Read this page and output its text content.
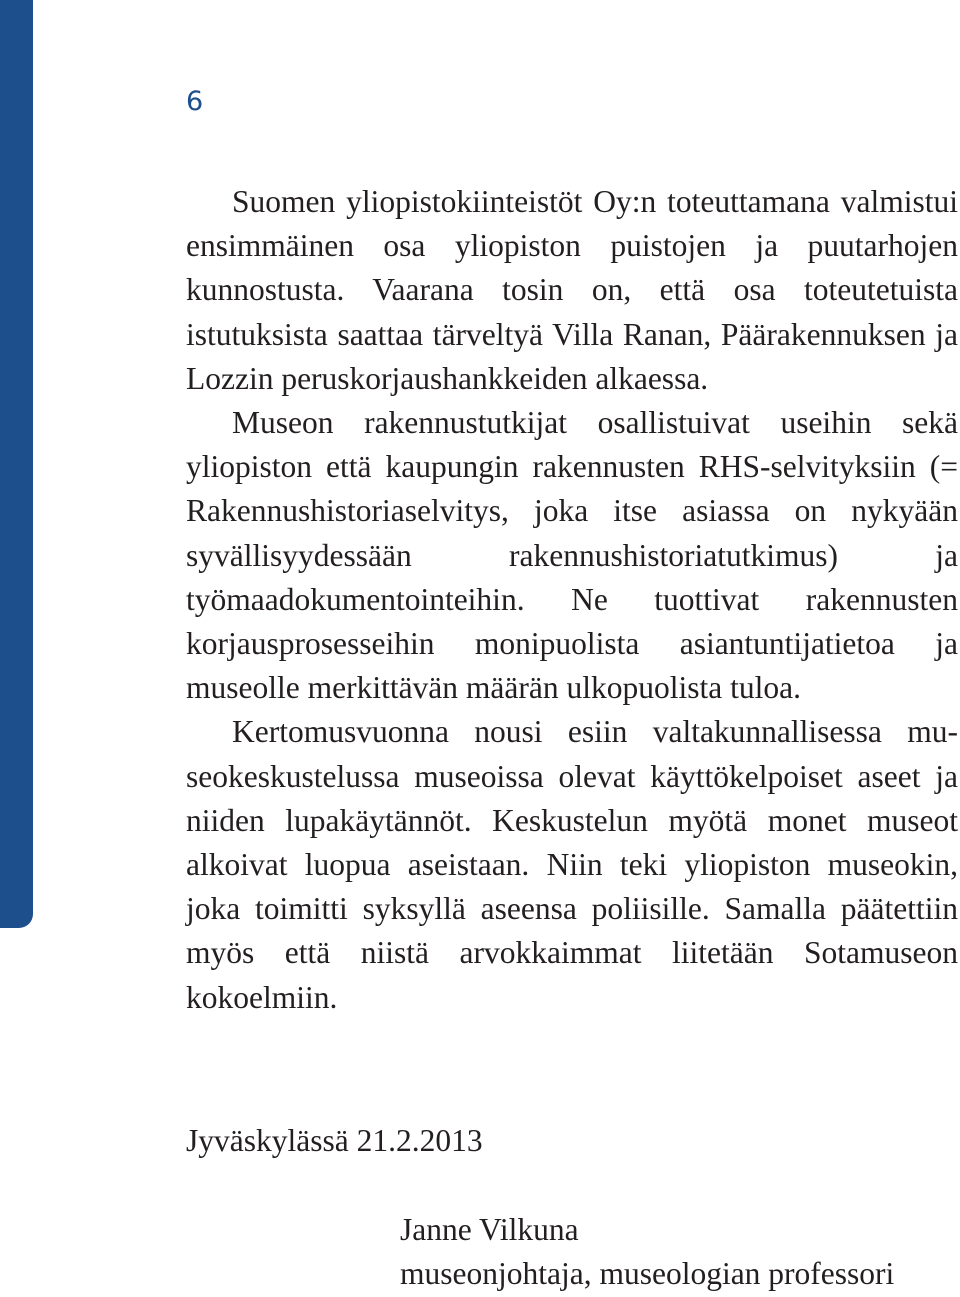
6

Suomen yliopistokiinteistöt Oy:n toteuttamana valmistui ensimmäinen osa yliopiston puistojen ja puutarhojen kunnostusta. Vaarana tosin on, että osa toteutetuista istutuksista saattaa tärveltyä Villa Ranan, Päärakennuksen ja Lozzin peruskorjaushankkeiden alkaessa.

Museon rakennustutkijat osallistuivat useihin sekä yliopiston että kaupungin rakennusten RHS-selvityksiin (= Rakennushistoriaselvitys, joka itse asiassa on nykyään syvällisyydessään rakennushistoriatutkimus) ja työmaadokumentointeihin. Ne tuottivat rakennusten korjausprosesseihin monipuolista asiantuntijatietoa ja museolle merkittävän määrän ulkopuolista tuloa.

Kertomusvuonna nousi esiin valtakunnallisessa museokeskustelussa museoissa olevat käyttökelpoiset aseet ja niiden lupakäytännöt. Keskustelun myötä monet museot alkoivat luopua aseistaan. Niin teki yliopiston museokin, joka toimitti syksyllä aseensa poliisille. Samalla päätettiin myös että niistä arvokkaimmat liitetään Sotamuseon kokoelmiin.

Jyväskylässä 21.2.2013
Janne Vilkuna
museonjohtaja, museologian professori
